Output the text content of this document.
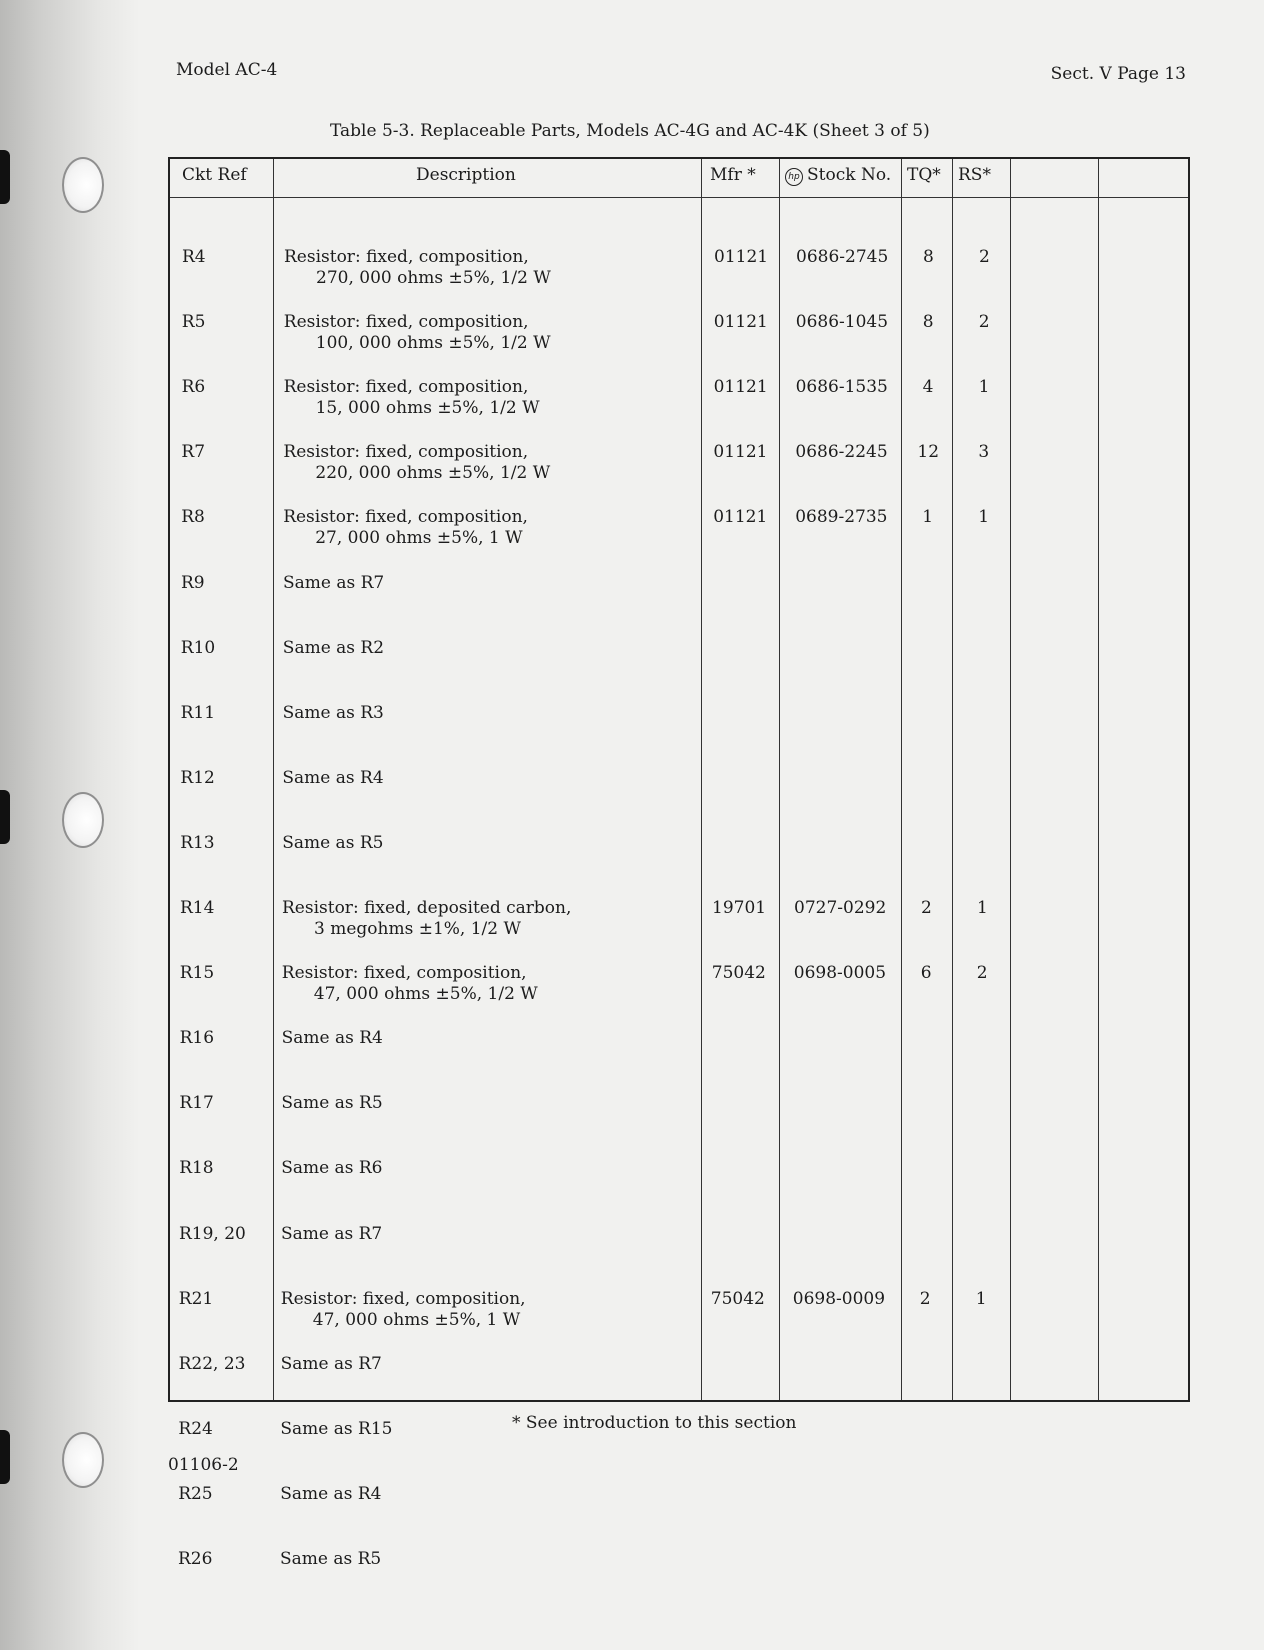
Model AC-4	Sect. V Page 13
Table 5-3. Replaceable Parts, Models AC-4G and AC-4K (Sheet 3 of 5)
Ckt Ref	Description	Mfr *	hp Stock No. TQ* RS*
R4	Resistor: fixed, composition,
270, 000 ohms ±5%, 1/2 W
01121 0686-2745 8	2
R5	Resistor: fixed, composition,
100, 000 ohms ±5%, 1/2 W
01121 0686-1045 8	2
R6	Resistor: fixed, composition,
15, 000 ohms ±5%, 1/2 W
01121 0686-1535 4	1
R7	Resistor: fixed, composition,
220, 000 ohms ±5%, 1/2 W
01121 0686-2245 12 3
R8	Resistor: fixed, composition,
27, 000 ohms ±5%, 1 W
01121 0689-2735 1	1
R9	Same as R7
R10	Same as R2
R11	Same as R3
R12	Same as R4
R13	Same as R5
R14	Resistor: fixed, deposited carbon,
3 megohms ±1%, 1/2 W
19701 0727-0292 2	1
R15	Resistor: fixed, composition,
47, 000 ohms ±5%, 1/2 W
75042 0698-0005 6	2
R16	Same as R4
R17	Same as R5
R18	Same as R6
R19, 20 Same as R7
R21	Resistor: fixed, composition,
47, 000 ohms ±5%, 1 W
75042 0698-0009 2	1
R22, 23 Same as R7
R24	Same as R15
R25	Same as R4
R26	Same as R5
* See introduction to this section
01106-2
